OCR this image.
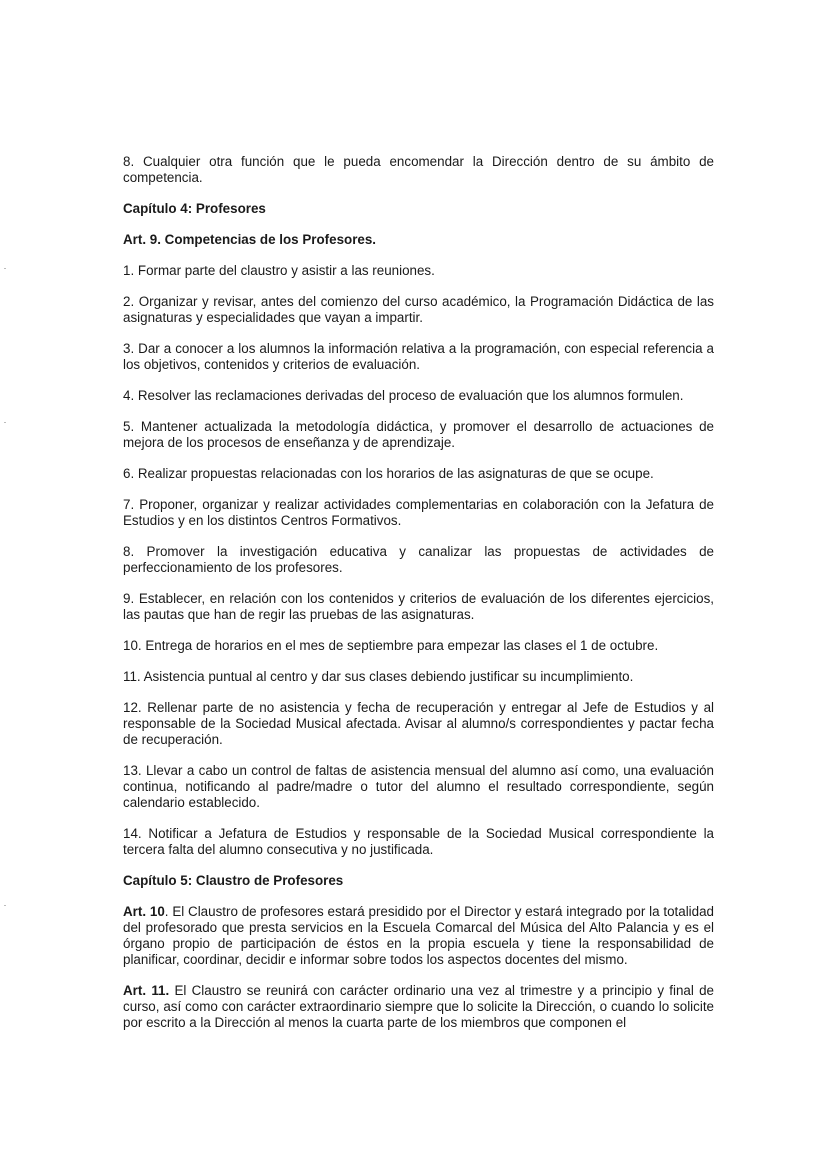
8. Cualquier otra función que le pueda encomendar la Dirección dentro de su ámbito de competencia.

Capítulo 4: Profesores

Art. 9. Competencias de los Profesores.

1. Formar parte del claustro y asistir a las reuniones.

2. Organizar y revisar, antes del comienzo del curso académico, la Programación Didáctica de las asignaturas y especialidades que vayan a impartir.

3. Dar a conocer a los alumnos la información relativa a la programación, con especial referencia a los objetivos, contenidos y criterios de evaluación.

4. Resolver las reclamaciones derivadas del proceso de evaluación que los alumnos formulen.

5. Mantener actualizada la metodología didáctica, y promover el desarrollo de actuaciones de mejora de los procesos de enseñanza y de aprendizaje.

6. Realizar propuestas relacionadas con los horarios de las asignaturas de que se ocupe.

7. Proponer, organizar y realizar actividades complementarias en colaboración con la Jefatura de Estudios y en los distintos Centros Formativos.

8. Promover la investigación educativa y canalizar las propuestas de actividades de perfeccionamiento de los profesores.

9. Establecer, en relación con los contenidos y criterios de evaluación de los diferentes ejercicios, las pautas que han de regir las pruebas de las asignaturas.

10. Entrega de horarios en el mes de septiembre para empezar las clases el 1 de octubre.

11. Asistencia puntual al centro y dar sus clases debiendo justificar su incumplimiento.

12. Rellenar parte de no asistencia y fecha de recuperación y entregar al Jefe de Estudios y al responsable de la Sociedad Musical afectada. Avisar al alumno/s correspondientes y pactar fecha de recuperación.

13. Llevar a cabo un control de faltas de asistencia mensual del alumno así como, una evaluación continua, notificando al padre/madre o tutor del alumno el resultado correspondiente, según calendario establecido.

14. Notificar a Jefatura de Estudios y responsable de la Sociedad Musical correspondiente la tercera falta del alumno consecutiva y no justificada.

Capítulo 5: Claustro de Profesores

Art. 10. El Claustro de profesores estará presidido por el Director y estará integrado por la totalidad del profesorado que presta servicios en la Escuela Comarcal del Música del Alto Palancia y es el órgano propio de participación de éstos en la propia escuela y tiene la responsabilidad de planificar, coordinar, decidir e informar sobre todos los aspectos docentes del mismo.

Art. 11. El Claustro se reunirá con carácter ordinario una vez al trimestre y a principio y final de curso, así como con carácter extraordinario siempre que lo solicite la Dirección, o cuando lo solicite por escrito a la Dirección al menos la cuarta parte de los miembros que componen el
